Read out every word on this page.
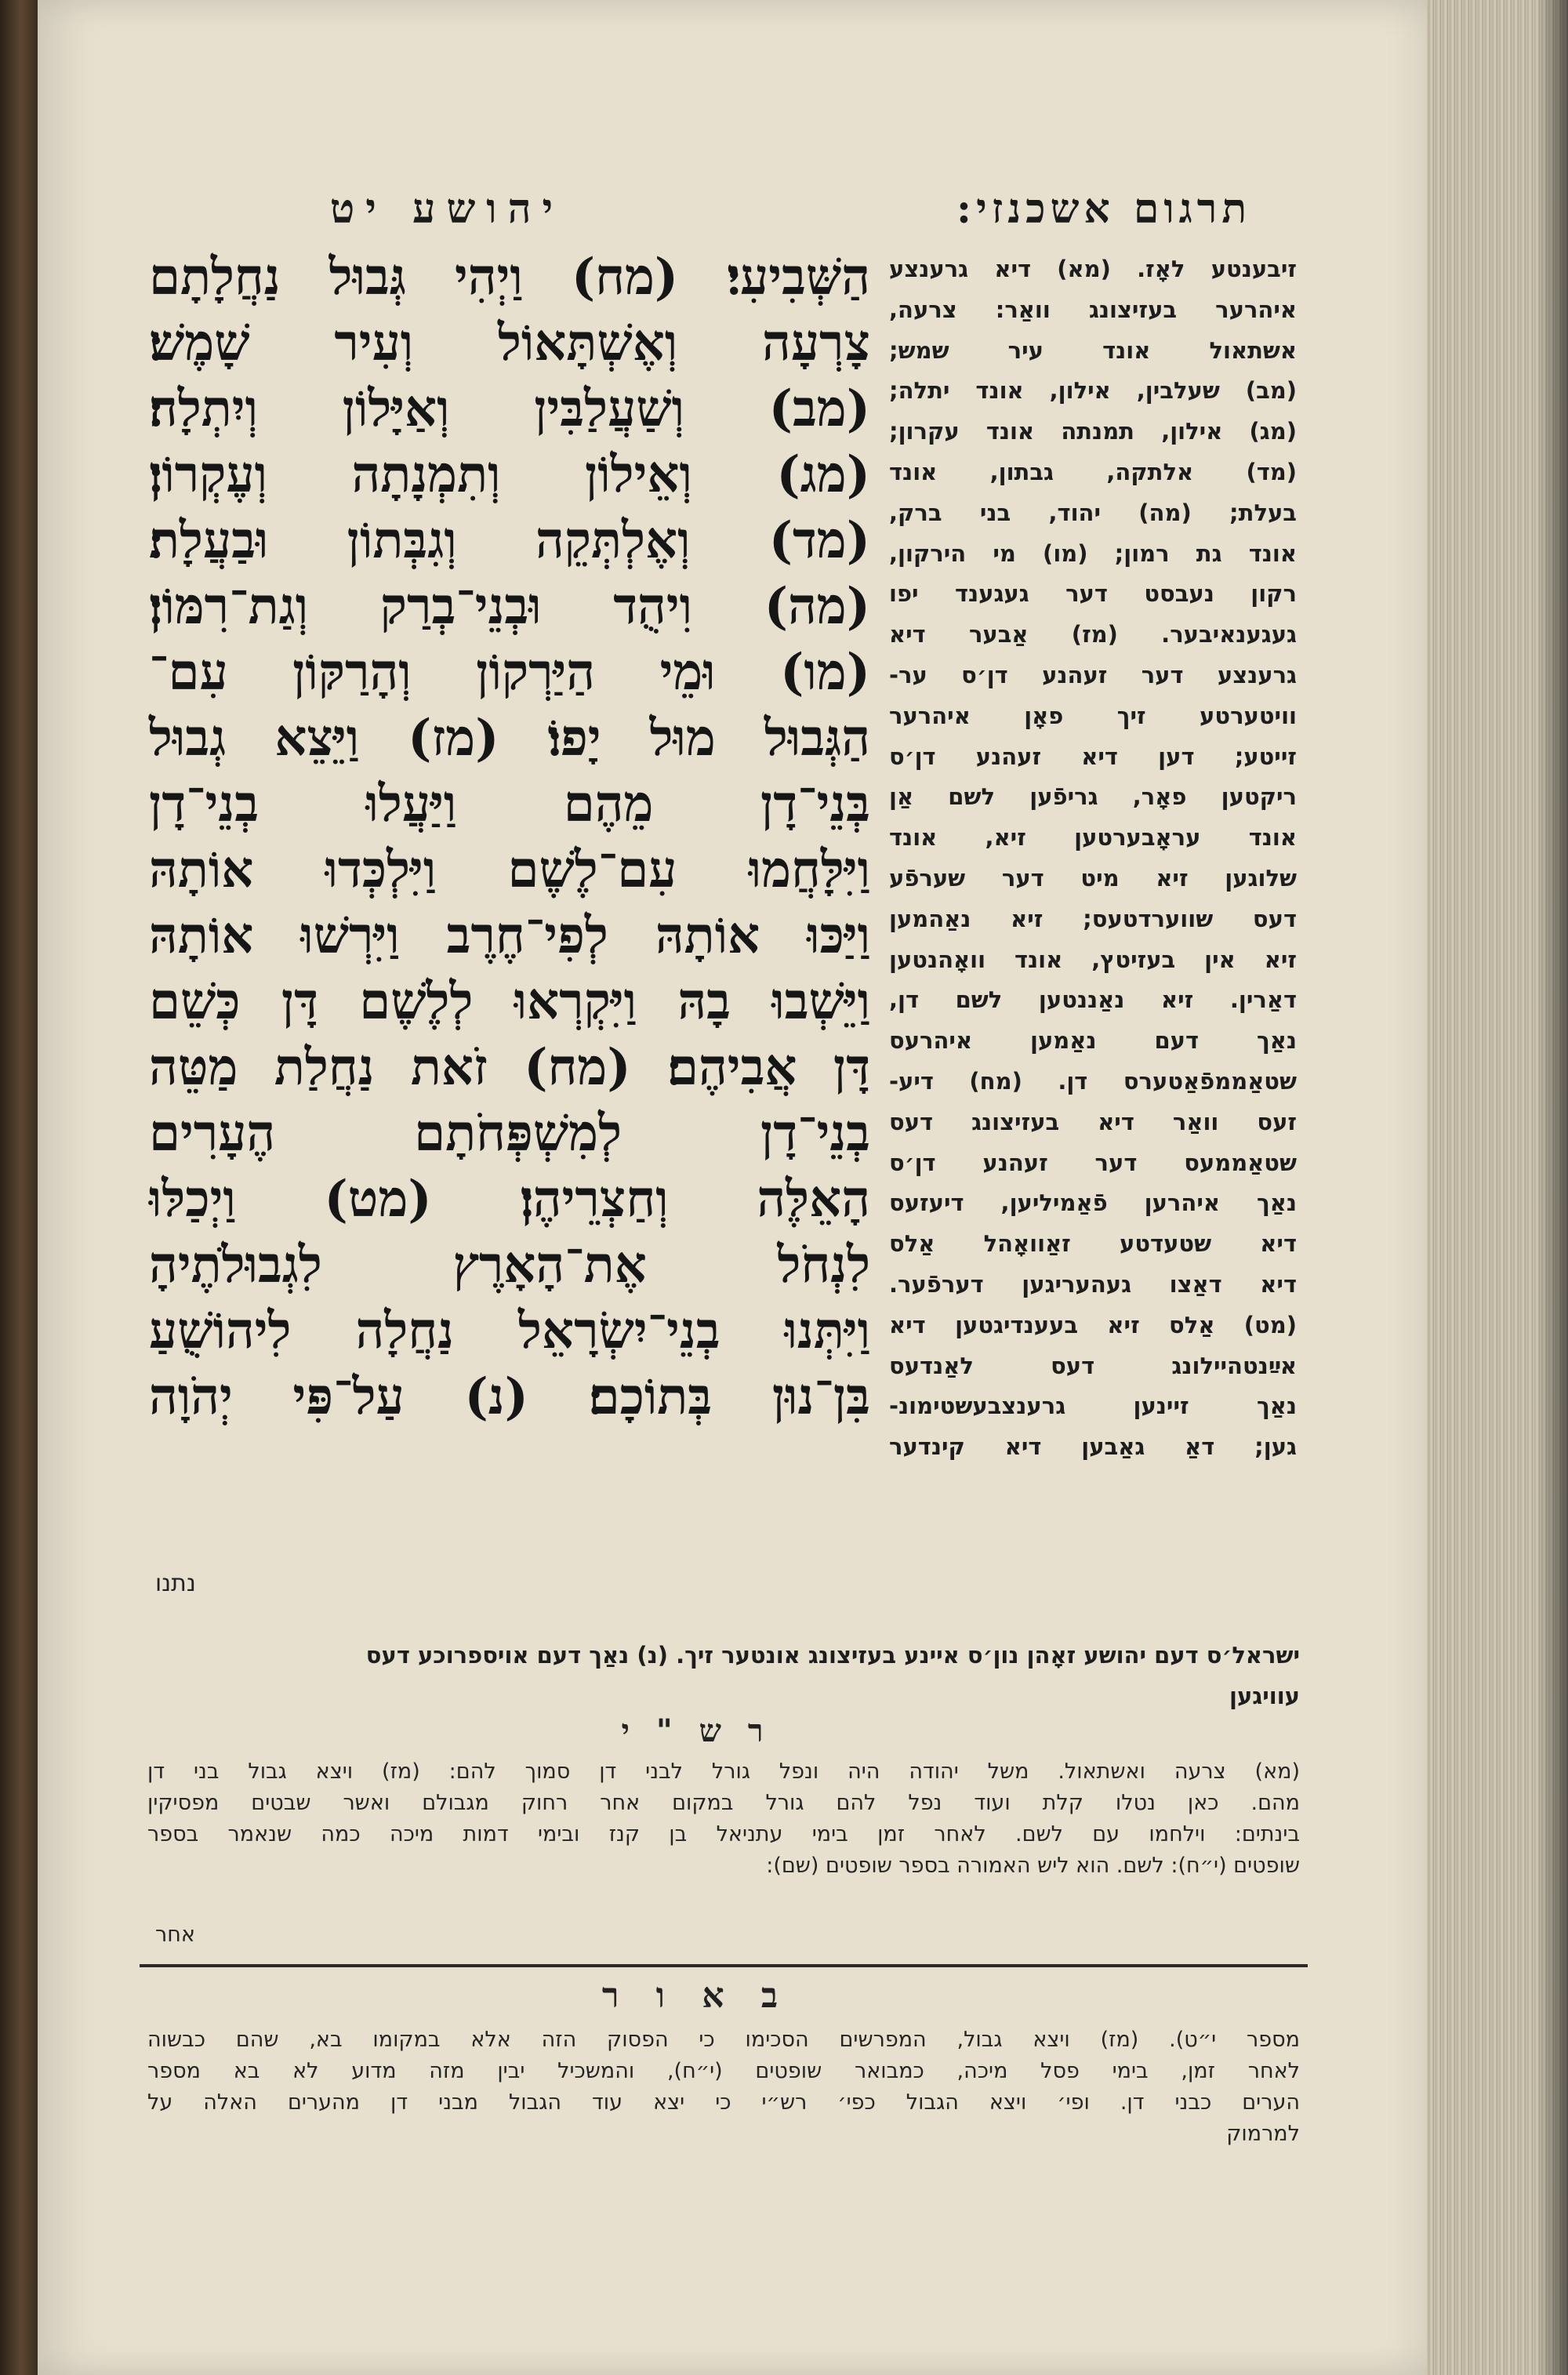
יהושע יט	תרגום אשכנזי:
הַשְּׁבִיעִי׃ (מח) וַיְהִי גְּבוּל נַחֲלָתָם
צָרְעָה וְאֶשְׁתָּאוֹל וְעִיר שָׁמֶשׁ׃
(מב) וְשַׁעֲלַבִּין וְאַיָּלוֹן וְיִתְלָה׃
(מג) וְאֵילוֹן וְתִמְנָתָה וְעֶקְרוֹן׃
(מד) וְאֶלְתְּקֵה וְגִבְּתוֹן וּבַעֲלָת׃
(מה) וִיהֻד וּבְנֵי־בְרַק וְגַת־רִמּוֹן׃
(מו) וּמֵי הַיַּרְקוֹן וְהָרַקּוֹן עִם־
הַגְּבוּל מוּל יָפוֹ׃ (מז) וַיֵּצֵא גְבוּל
בְּנֵי־דָן מֵהֶם וַיַּעֲלוּ בְנֵי־דָן
וַיִּלָּחֲמוּ עִם־לֶשֶׁם וַיִּלְכְּדוּ אוֹתָהּ
וַיַּכּוּ אוֹתָהּ לְפִי־חֶרֶב וַיִּרְשׁוּ אוֹתָהּ
וַיֵּשְׁבוּ בָהּ וַיִּקְרְאוּ לְלֶשֶׁם דָּן כְּשֵׁם
דָּן אֲבִיהֶם׃ (מח) זֹאת נַחֲלַת מַטֵּה
בְנֵי־דָן לְמִשְׁפְּחֹתָם הֶעָרִים
הָאֵלֶּה וְחַצְרֵיהֶן׃ (מט) וַיְכַלּוּ
לִנְחֹל אֶת־הָאָרֶץ לִגְבוּלֹתֶיהָ
וַיִּתְּנוּ בְנֵי־יִשְׂרָאֵל נַחֲלָה לִיהוֹשֻׁעַ
בִּן־נוּן בְּתוֹכָם׃ (נ) עַל־פִּי יְהֹוָה
נתנו
זיבענטע לאָז. (מא) דיא גרענצע
איהרער בעזיצונג וואַר: צרעה,
אשתאול אונד עיר שמש;
(מב) שעלבין, אילון, אונד יתלה;
(מג) אילון, תמנתה אונד עקרון;
(מד) אלתקה, גבתון, אונד
בעלת; (מה) יהוד, בני ברק,
אונד גת רמון; (מו) מי הירקון,
רקון נעבסט דער געגענד יפו
געגענאיבער. (מז) אַבער דיא
גרענצע דער זעהנע דן׳ס ער-
וויטערטע זיך פאָן איהרער
זייטע; דען דיא זעהנע דן׳ס
ריקטען פאָר, גריפֿען לשם אַן
אונד עראָבערטען זיא, אונד
שלוגען זיא מיט דער שערפֿע
דעס שווערדטעס; זיא נאַהמען
זיא אין בעזיטץ, אונד וואָהנטען
דאַרין. זיא נאַננטען לשם דן,
נאַך דעם נאַמען איהרעס
שטאַממפֿאַטערס דן. (מח) דיע-
זעס וואַר דיא בעזיצונג דעס
שטאַממעס דער זעהנע דן׳ס
נאַך איהרען פֿאַמיליען, דיעזעס
דיא שטעדטע זאַוואָהל אַלס
דיא דאַצו געהעריגען דערפֿער.
(מט) אַלס זיא בעענדיגטען דיא
אײַנטהיילונג דעס לאַנדעס
נאַך זיינען גרענצבעשטימונ-
גען; דאַ גאַבען דיא קינדער
ישראל׳ס דעם יהושע זאָהן נון׳ס איינע בעזיצונג אונטער זיך. (נ) נאַך דעם אויספרוכע דעס
עוויגען
ר ש " י
(מא) צרעה ואשתאול. משל יהודה היה ונפל גורל לבני דן סמוך להם: (מז) ויצא גבול בני דן
מהם. כאן נטלו קלת ועוד נפל להם גורל במקום אחר רחוק מגבולם ואשר שבטים מפסיקין
בינתים: וילחמו עם לשם. לאחר זמן בימי עתניאל בן קנז ובימי דמות מיכה כמה שנאמר בספר
שופטים (י״ח): לשם. הוא ליש האמורה בספר שופטים (שם):
אחר
ב א ו ר
מספר י״ט). (מז) ויצא גבול, המפרשים הסכימו כי הפסוק הזה אלא במקומו בא, שהם כבשוה
לאחר זמן, בימי פסל מיכה, כמבואר שופטים (י״ח), והמשכיל יבין מזה מדוע לא בא מספר
הערים כבני דן. ופי׳ ויצא הגבול כפי׳ רש״י כי יצא עוד הגבול מבני דן מהערים האלה על
למרמוק
